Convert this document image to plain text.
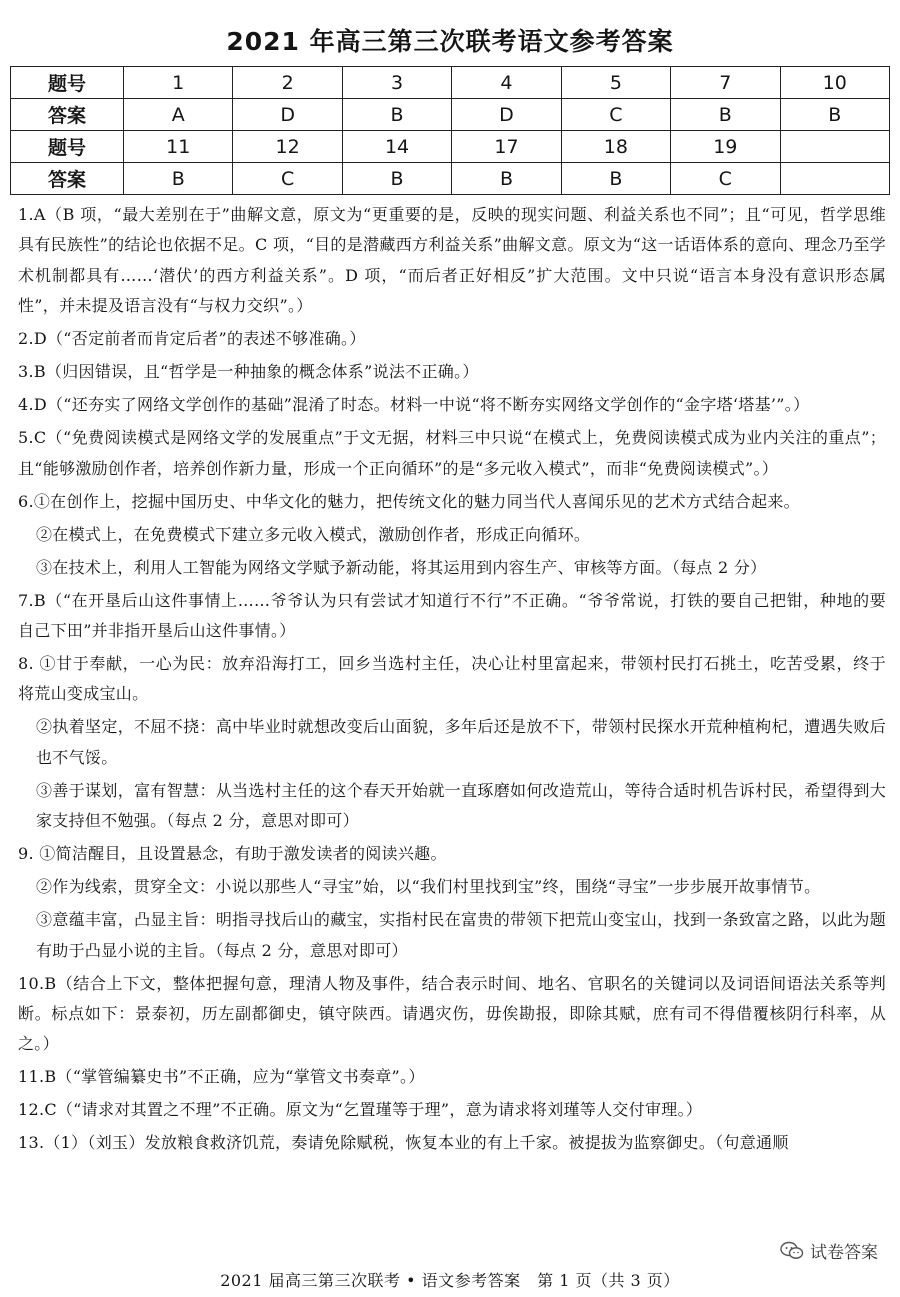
2021 年高三第三次联考语文参考答案
题号	1	2	3	4	5	7	10
答案	A	D	B	D	C	B	B
题号	11	12	14	17	18	19	
答案	B	C	B	B	B	C	

1.A（B 项，“最大差别在于”曲解文意，原文为“更重要的是，反映的现实问题、利益关系也不同”；且“可见，哲学思维具有民族性”的结论也依据不足。C 项，“目的是潜藏西方利益关系”曲解文意。原文为“这一话语体系的意向、理念乃至学术机制都具有……‘潜伏’的西方利益关系”。D 项，“而后者正好相反”扩大范围。文中只说“语言本身没有意识形态属性”，并未提及语言没有“与权力交织”。）

2.D（“否定前者而肯定后者”的表述不够准确。）

3.B（归因错误，且“哲学是一种抽象的概念体系”说法不正确。）

4.D（“还夯实了网络文学创作的基础”混淆了时态。材料一中说“将不断夯实网络文学创作的“金字塔‘塔基’”。）

5.C（“免费阅读模式是网络文学的发展重点”于文无据，材料三中只说“在模式上，免费阅读模式成为业内关注的重点”；且“能够激励创作者，培养创作新力量，形成一个正向循环”的是“多元收入模式”，而非“免费阅读模式”。）

6.①在创作上，挖掘中国历史、中华文化的魅力，把传统文化的魅力同当代人喜闻乐见的艺术方式结合起来。

②在模式上，在免费模式下建立多元收入模式，激励创作者，形成正向循环。

③在技术上，利用人工智能为网络文学赋予新动能，将其运用到内容生产、审核等方面。（每点 2 分）

7.B（“在开垦后山这件事情上……爷爷认为只有尝试才知道行不行”不正确。“爷爷常说，打铁的要自己把钳，种地的要自己下田”并非指开垦后山这件事情。）

8. ①甘于奉献，一心为民：放弃沿海打工，回乡当选村主任，决心让村里富起来，带领村民打石挑土，吃苦受累，终于将荒山变成宝山。

②执着坚定，不屈不挠：高中毕业时就想改变后山面貌，多年后还是放不下，带领村民探水开荒种植枸杞，遭遇失败后也不气馁。

③善于谋划，富有智慧：从当选村主任的这个春天开始就一直琢磨如何改造荒山，等待合适时机告诉村民，希望得到大家支持但不勉强。（每点 2 分，意思对即可）

9. ①简洁醒目，且设置悬念，有助于激发读者的阅读兴趣。

②作为线索，贯穿全文：小说以那些人“寻宝”始，以“我们村里找到宝”终，围绕“寻宝”一步步展开故事情节。

③意蕴丰富，凸显主旨：明指寻找后山的藏宝，实指村民在富贵的带领下把荒山变宝山，找到一条致富之路，以此为题有助于凸显小说的主旨。（每点 2 分，意思对即可）

10.B（结合上下文，整体把握句意，理清人物及事件，结合表示时间、地名、官职名的关键词以及词语间语法关系等判断。标点如下：景泰初，历左副都御史，镇守陕西。请遇灾伤，毋俟勘报，即除其赋，庶有司不得借覆核阴行科率，从之。）

11.B（“掌管编纂史书”不正确，应为“掌管文书奏章”。）

12.C（“请求对其置之不理”不正确。原文为“乞置瑾等于理”，意为请求将刘瑾等人交付审理。）

13.（1）（刘玉）发放粮食救济饥荒，奏请免除赋税，恢复本业的有上千家。被提拔为监察御史。（句意通顺

试卷答案
2021 届高三第三次联考 • 语文参考答案　第 1 页（共 3 页）
